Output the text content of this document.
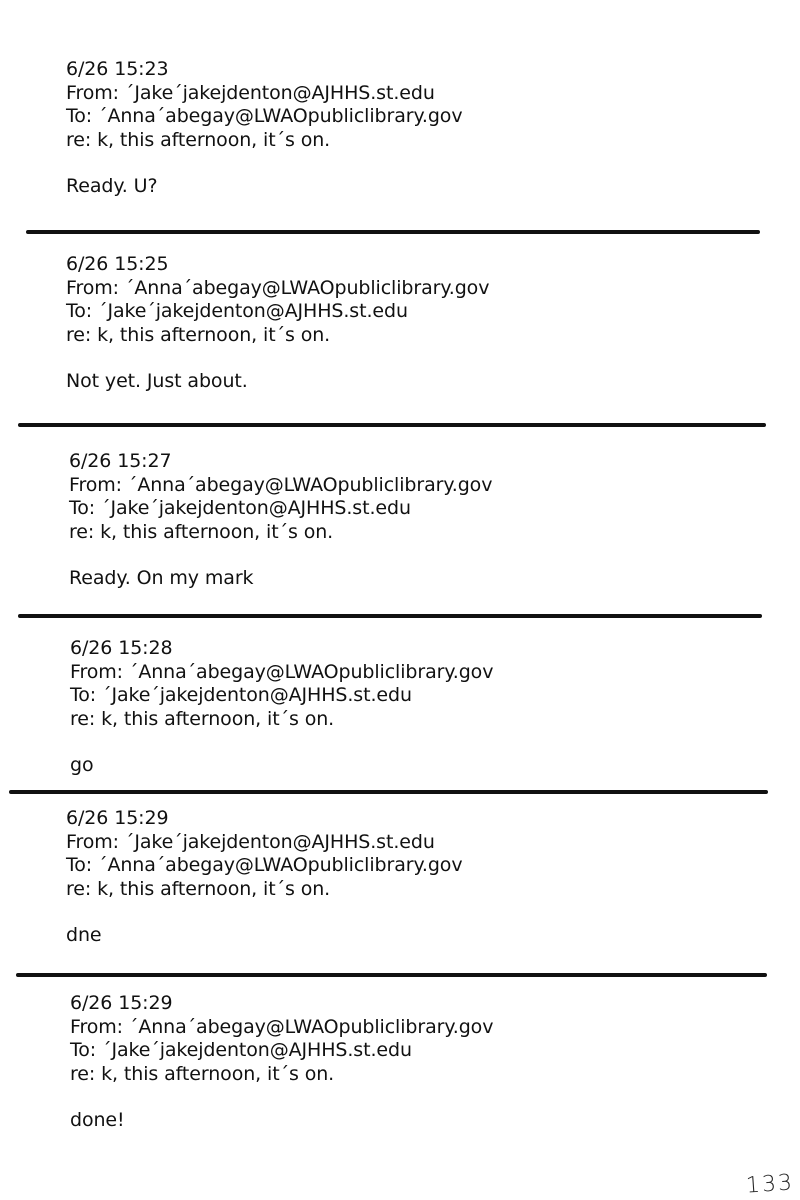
6/26 15:23
From: ´Jake´jakejdenton@AJHHS.st.edu
To: ´Anna´abegay@LWAOpubliclibrary.gov
re: k, this afternoon, it´s on.
Ready. U?
6/26 15:25
From: ´Anna´abegay@LWAOpubliclibrary.gov
To: ´Jake´jakejdenton@AJHHS.st.edu
re: k, this afternoon, it´s on.
Not yet. Just about.
6/26 15:27
From: ´Anna´abegay@LWAOpubliclibrary.gov
To: ´Jake´jakejdenton@AJHHS.st.edu
re: k, this afternoon, it´s on.
Ready. On my mark
6/26 15:28
From: ´Anna´abegay@LWAOpubliclibrary.gov
To: ´Jake´jakejdenton@AJHHS.st.edu
re: k, this afternoon, it´s on.
go
6/26 15:29
From: ´Jake´jakejdenton@AJHHS.st.edu
To: ´Anna´abegay@LWAOpubliclibrary.gov
re: k, this afternoon, it´s on.
dne
6/26 15:29
From: ´Anna´abegay@LWAOpubliclibrary.gov
To: ´Jake´jakejdenton@AJHHS.st.edu
re: k, this afternoon, it´s on.
done!
133
